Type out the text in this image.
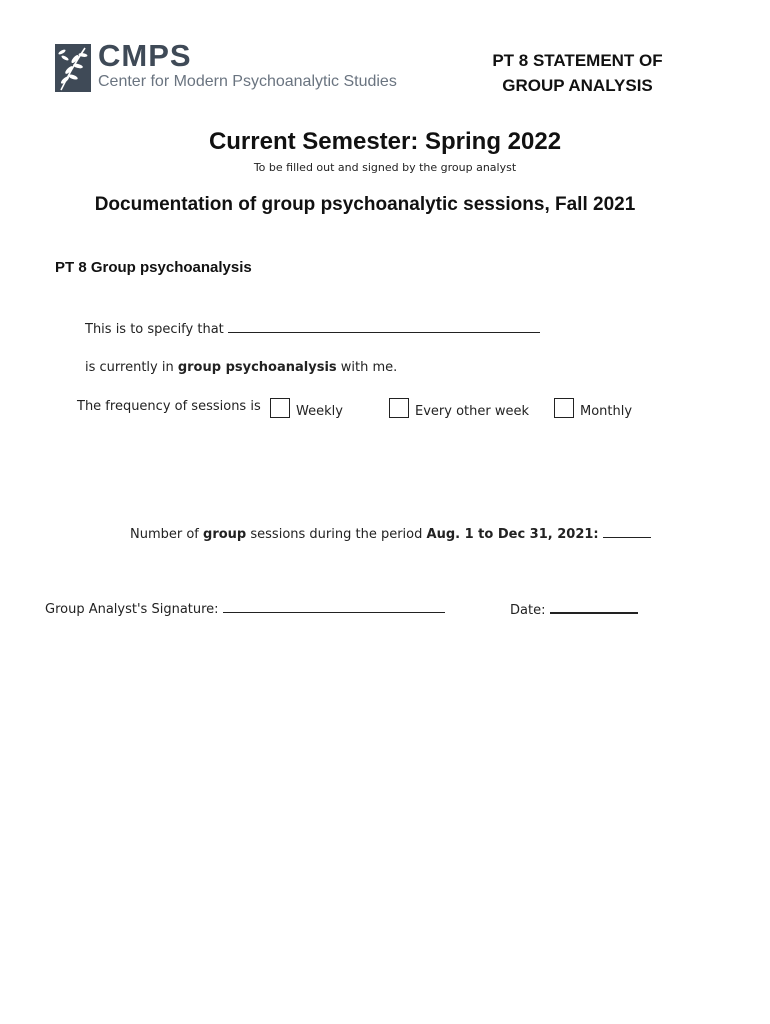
CMPS
Center for Modern Psychoanalytic Studies
PT 8 STATEMENT OF
GROUP ANALYSIS
Current Semester: Spring 2022
To be filled out and signed by the group analyst
Documentation of group psychoanalytic sessions, Fall 2021
PT 8 Group psychoanalysis
This is to specify that
is currently in group psychoanalysis with me.
The frequency of sessions is	Weekly	Every other week	Monthly
Number of group sessions during the period Aug. 1 to Dec 31, 2021:
Group Analyst's Signature:	Date:
